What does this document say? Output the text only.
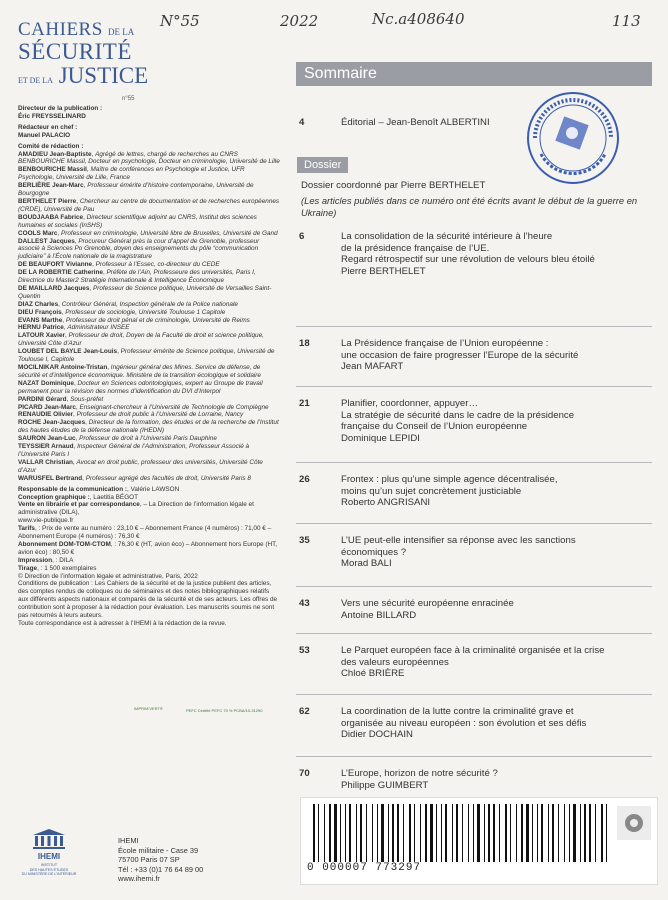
N°55	2022	Nc.a408640	113
CAHIERS DE LA
SÉCURITÉ
ET DE LA JUSTICE
n°55
Directeur de la publication :
Éric FREYSSELINARD
Rédacteur en chef :
Manuel PALACIO
Comité de rédaction :
AMADIEU Jean-Baptiste, Agrégé de lettres, chargé de recherches au CNRS
BENBOURICHE Massil, Docteur en psychologie, Docteur en criminologie, Université de Lille
BENBOURICHE Massil, Maître de conférences en Psychologie et Justice, UFR Psychologie, Université de Lille, France
BERLIÈRE Jean-Marc, Professeur émérite d’histoire contemporaine, Université de Bourgogne
BERTHELET Pierre, Chercheur au centre de documentation et de recherches européennes (CRDE), Université de Pau
BOUDJAABA Fabrice, Directeur scientifique adjoint au CNRS, Institut des sciences humaines et sociales (InSHS)
COOLS Marc, Professeur en criminologie, Université libre de Bruxelles, Université de Gand
DALLEST Jacques, Procureur Général près la cour d’appel de Grenoble, professeur associé à Sciences Po Grenoble, doyen des enseignements du pôle “communication judiciaire” à l’École nationale de la magistrature
DE BEAUFORT Vivianne, Professeur à l’Essec, co-directeur du CEDE
DE LA ROBERTIE Catherine, Préfète de l’Ain, Professeure des universités, Paris I, Directrice du Master2 Stratégie Internationale & Intelligence Économique
DE MAILLARD Jacques, Professeur de Science politique, Université de Versailles Saint-Quentin
DIAZ Charles, Contrôleur Général, Inspection générale de la Police nationale
DIEU François, Professeur de sociologie, Université Toulouse 1 Capitole
EVANS Marthe, Professeur de droit pénal et de criminologie, Université de Reims
HERNU Patrice, Administrateur INSEE
LATOUR Xavier, Professeur de droit, Doyen de la Faculté de droit et science politique, Université Côte d’Azur
LOUBET DEL BAYLE Jean-Louis, Professeur émérite de Science politique, Université de Toulouse I, Capitole
MOCILNIKAR Antoine-Tristan, Ingénieur général des Mines. Service de défense, de sécurité et d’intelligence économique. Ministère de la transition écologique et solidaire
NAZAT Dominique, Docteur en Sciences odontologiques, expert au Groupe de travail permanent pour la révision des normes d’identification du DVI d’Interpol
PARDINI Gérard, Sous-préfet
PICARD Jean-Marc, Enseignant-chercheur à l’Université de Technologie de Compiègne
RENAUDIE Olivier, Professeur de droit public à l’Université de Lorraine, Nancy
ROCHE Jean-Jacques, Directeur de la formation, des études et de la recherche de l’Institut des hautes études de la défense nationale (IHEDN)
SAURON Jean-Luc, Professeur de droit à l’Université Paris Dauphine
TEYSSIER Arnaud, Inspecteur Général de l’Administration, Professeur Associé à l’Université Paris I
VALLAR Christian, Avocat en droit public, professeur des universités, Université Côte d’Azur
WARUSFEL Bertrand, Professeur agrégé des facultés de droit, Université Paris 8
Responsable de la communication :, Valérie LAWSON
Conception graphique :, Laetitia BÉGOT
Vente en librairie et par correspondance, – La Direction de l’information légale et administrative (DILA),
www.vie-publique.fr
Tarifs, : Prix de vente au numéro : 23,10 € – Abonnement France (4 numéros) : 71,00 € – Abonnement Europe (4 numéros) : 76,30 €
Abonnement DOM-TOM-CTOM, : 76,30 € (HT, avion éco) – Abonnement hors Europe (HT, avion éco) : 80,50 €
Impression, : DILA
Tirage, : 1 500 exemplaires
© Direction de l’information légale et administrative, Paris, 2022
Conditions de publication : Les Cahiers de la sécurité et de la justice publient des articles, des comptes rendus de colloques ou de séminaires et des notes bibliographiques relatifs aux différents aspects nationaux et comparés de la sécurité et de ses acteurs. Les offres de contribution sont à proposer à la rédaction pour évaluation. Les manuscrits soumis ne sont pas retournés à leurs auteurs.
Toute correspondance est à adresser à l’IHEMI à la rédaction de la revue.
IMPRIM’VERT®	PEFC Certifié PEFC 70 % PCBA/10-31290
IHEMI
INSTITUT
DES HAUTES ÉTUDES
DU MINISTÈRE DE L’INTÉRIEUR
IHEMI
École militaire - Case 39
75700 Paris 07 SP
Tél : +33 (0)1 76 64 89 00
www.ihemi.fr
Sommaire
4	Éditorial – Jean-Benoît ALBERTINI
Dossier
Dossier coordonné par Pierre BERTHELET
(Les articles publiés dans ce numéro ont été écrits avant le début de la guerre en Ukraine)
6	La consolidation de la sécurité intérieure à l’heure
de la présidence française de l’UE.
Regard rétrospectif sur une révolution de velours bleu étoilé
Pierre BERTHELET
18	La Présidence française de l’Union européenne :
une occasion de faire progresser l’Europe de la sécurité
Jean MAFART
21	Planifier, coordonner, appuyer…
La stratégie de sécurité dans le cadre de la présidence
française du Conseil de l’Union européenne
Dominique LEPIDI
26	Frontex : plus qu’une simple agence décentralisée,
moins qu’un sujet concrètement justiciable
Roberto ANGRISANI
35	L’UE peut-elle intensifier sa réponse avec les sanctions
économiques ?
Morad BALI
43	Vers une sécurité européenne enracinée
Antoine BILLARD
53	Le Parquet européen face à la criminalité organisée et la crise
des valeurs européennes
Chloé BRIÈRE
62	La coordination de la lutte contre la criminalité grave et
organisée au niveau européen : son évolution et ses défis
Didier DOCHAIN
70	L’Europe, horizon de notre sécurité ?
Philippe GUIMBERT
0 000007 773297
